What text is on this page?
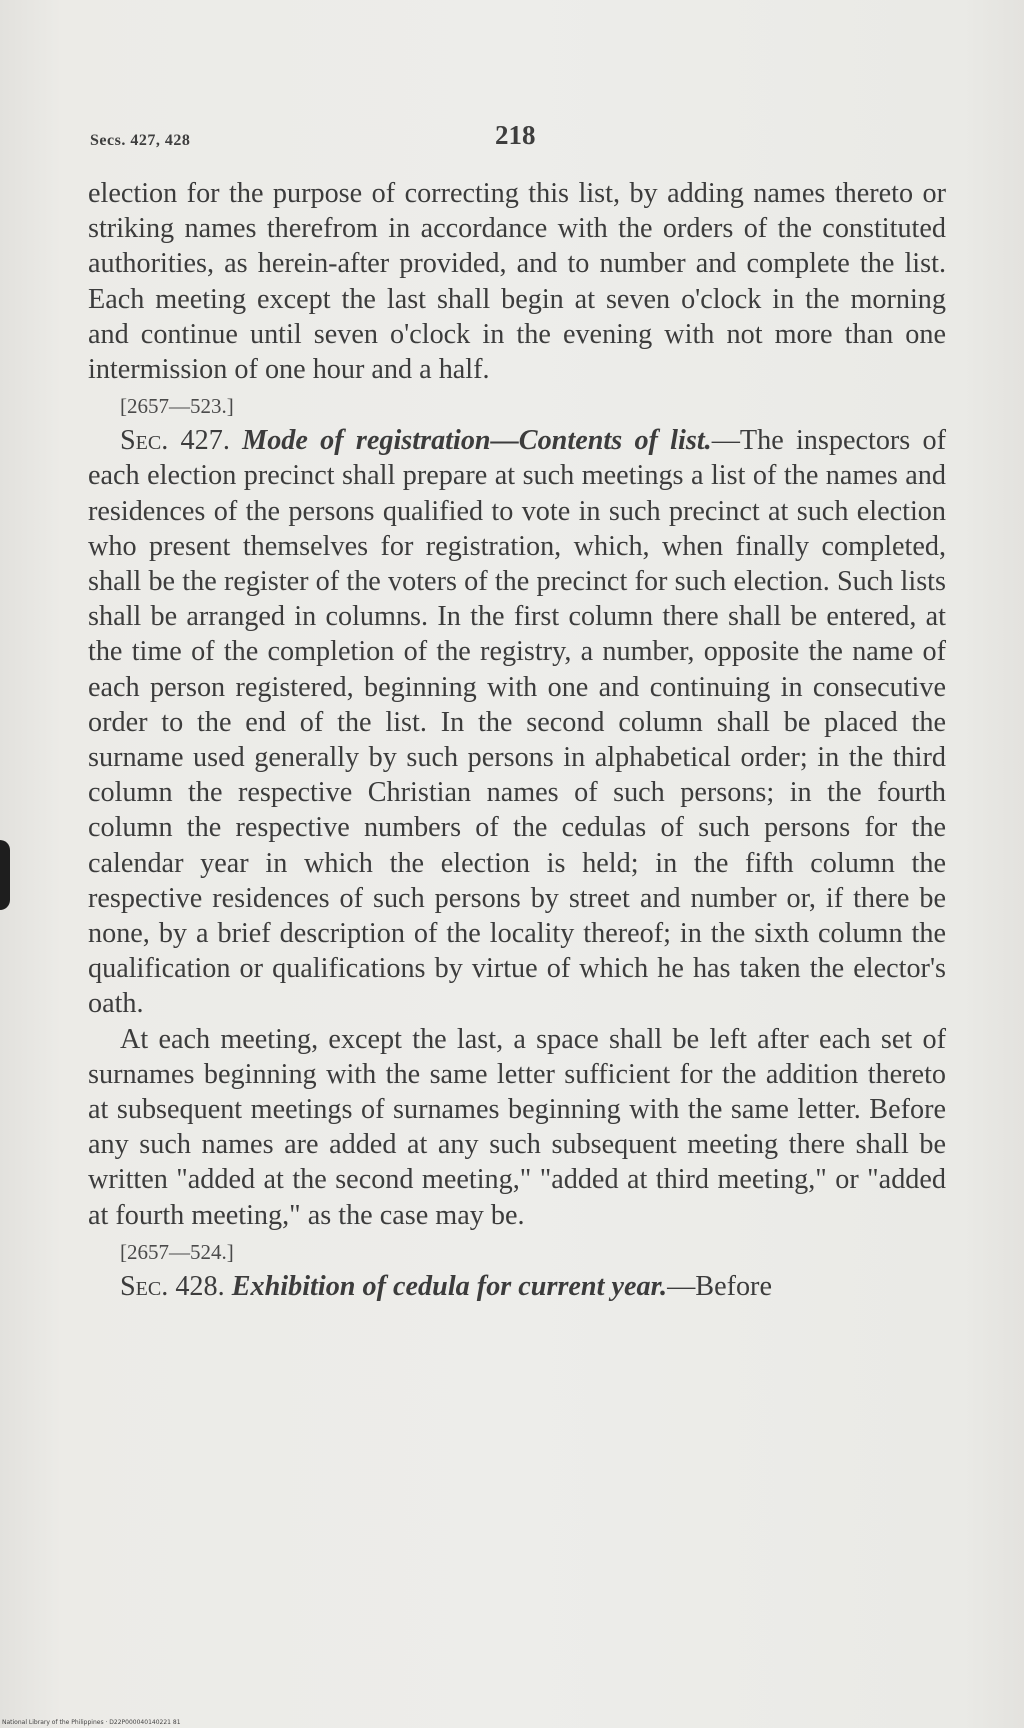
Secs. 427, 428	218

election for the purpose of correcting this list, by adding names thereto or striking names therefrom in accordance with the orders of the constituted authorities, as herein-after provided, and to number and complete the list. Each meeting except the last shall begin at seven o'clock in the morning and continue until seven o'clock in the evening with not more than one intermission of one hour and a half.

[2657—523.]

Sec. 427. Mode of registration—Contents of list.—The inspectors of each election precinct shall prepare at such meetings a list of the names and residences of the persons qualified to vote in such precinct at such election who present themselves for registration, which, when finally completed, shall be the register of the voters of the precinct for such election. Such lists shall be arranged in columns. In the first column there shall be entered, at the time of the completion of the registry, a number, opposite the name of each person registered, beginning with one and continuing in consecutive order to the end of the list. In the second column shall be placed the surname used generally by such persons in alphabetical order; in the third column the respective Christian names of such persons; in the fourth column the respective numbers of the cedulas of such persons for the calendar year in which the election is held; in the fifth column the respective residences of such persons by street and number or, if there be none, by a brief description of the locality thereof; in the sixth column the qualification or qualifications by virtue of which he has taken the elector's oath.

At each meeting, except the last, a space shall be left after each set of surnames beginning with the same letter sufficient for the addition thereto at subsequent meetings of surnames beginning with the same letter. Before any such names are added at any such subsequent meeting there shall be written "added at the second meeting," "added at third meeting," or "added at fourth meeting," as the case may be.

[2657—524.]

Sec. 428. Exhibition of cedula for current year.—Before

National Library of the Philippines · D22P000040140221 81
